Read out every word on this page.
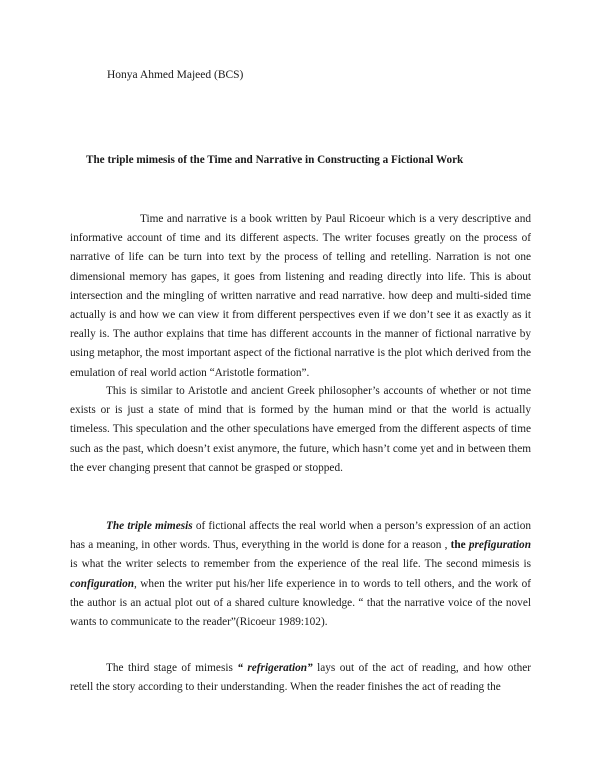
Honya Ahmed Majeed (BCS)
The triple mimesis of the Time and Narrative in Constructing a Fictional Work

Time and narrative is a book written by Paul Ricoeur which is a very descriptive and informative account of time and its different aspects. The writer focuses greatly on the process of narrative of life can be turn into text by the process of telling and retelling. Narration is not one dimensional memory has gapes, it goes from listening and reading directly into life. This is about intersection and the mingling of written narrative and read narrative. how deep and multi-sided time actually is and how we can view it from different perspectives even if we don’t see it as exactly as it really is. The author explains that time has different accounts in the manner of fictional narrative by using metaphor, the most important aspect of the fictional narrative is the plot which derived from the emulation of real world action “Aristotle formation”.

This is similar to Aristotle and ancient Greek philosopher’s accounts of whether or not time exists or is just a state of mind that is formed by the human mind or that the world is actually timeless. This speculation and the other speculations have emerged from the different aspects of time such as the past, which doesn’t exist anymore, the future, which hasn’t come yet and in between them the ever changing present that cannot be grasped or stopped.

The triple mimesis of fictional affects the real world when a person’s expression of an action has a meaning, in other words. Thus, everything in the world is done for a reason , the prefiguration is what the writer selects to remember from the experience of the real life. The second mimesis is configuration, when the writer put his/her life experience in to words to tell others, and the work of the author is an actual plot out of a shared culture knowledge. “ that the narrative voice of the novel wants to communicate to the reader”(Ricoeur 1989:102).

The third stage of mimesis “ refrigeration” lays out of the act of reading, and how other retell the story according to their understanding. When the reader finishes the act of reading the
